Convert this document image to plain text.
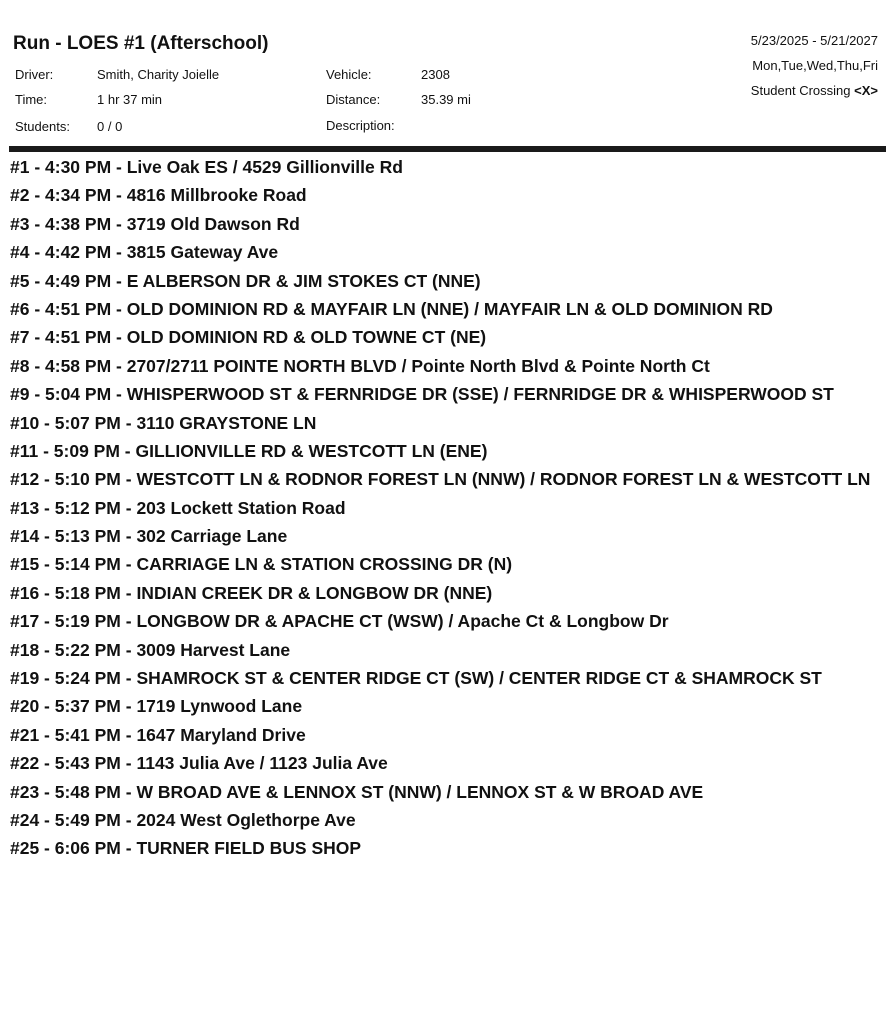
Run - LOES #1 (Afterschool)
Driver:	Smith, Charity Joielle
Time:	1 hr 37 min
Students: 0 / 0
Vehicle:	2308
Distance:	35.39 mi
Description:
5/23/2025 - 5/21/2027
Mon,Tue,Wed,Thu,Fri
Student Crossing <X>
#1 - 4:30 PM - Live Oak ES / 4529 Gillionville Rd
#2 - 4:34 PM - 4816 Millbrooke Road
#3 - 4:38 PM - 3719 Old Dawson Rd
#4 - 4:42 PM - 3815 Gateway Ave
#5 - 4:49 PM - E ALBERSON DR & JIM STOKES CT (NNE)
#6 - 4:51 PM - OLD DOMINION RD & MAYFAIR LN (NNE) / MAYFAIR LN & OLD DOMINION RD
#7 - 4:51 PM - OLD DOMINION RD & OLD TOWNE CT (NE)
#8 - 4:58 PM - 2707/2711 POINTE NORTH BLVD / Pointe North Blvd & Pointe North Ct
#9 - 5:04 PM - WHISPERWOOD ST & FERNRIDGE DR (SSE) / FERNRIDGE DR & WHISPERWOOD ST
#10 - 5:07 PM - 3110 GRAYSTONE LN
#11 - 5:09 PM - GILLIONVILLE RD & WESTCOTT LN (ENE)
#12 - 5:10 PM - WESTCOTT LN & RODNOR FOREST LN (NNW) / RODNOR FOREST LN & WESTCOTT LN
#13 - 5:12 PM - 203 Lockett Station Road
#14 - 5:13 PM - 302 Carriage Lane
#15 - 5:14 PM - CARRIAGE LN & STATION CROSSING DR (N)
#16 - 5:18 PM - INDIAN CREEK DR & LONGBOW DR (NNE)
#17 - 5:19 PM - LONGBOW DR & APACHE CT (WSW) / Apache Ct & Longbow Dr
#18 - 5:22 PM - 3009 Harvest Lane
#19 - 5:24 PM - SHAMROCK ST & CENTER RIDGE CT (SW) / CENTER RIDGE CT & SHAMROCK ST
#20 - 5:37 PM - 1719 Lynwood Lane
#21 - 5:41 PM - 1647 Maryland Drive
#22 - 5:43 PM - 1143 Julia Ave / 1123 Julia Ave
#23 - 5:48 PM - W BROAD AVE & LENNOX ST (NNW) / LENNOX ST & W BROAD AVE
#24 - 5:49 PM - 2024 West Oglethorpe Ave
#25 - 6:06 PM - TURNER FIELD BUS SHOP
